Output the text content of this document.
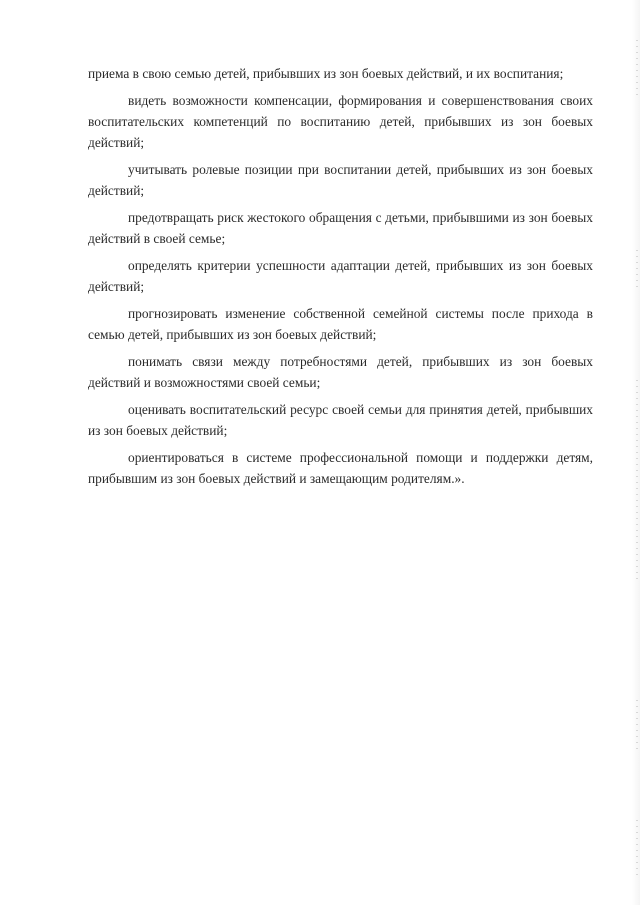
приема в свою семью детей, прибывших из зон боевых действий, и их воспитания;

видеть возможности компенсации, формирования и совершенствования своих воспитательских компетенций по воспитанию детей, прибывших из зон боевых действий;

учитывать ролевые позиции при воспитании детей, прибывших из зон боевых действий;

предотвращать риск жестокого обращения с детьми, прибывшими из зон боевых действий в своей семье;

определять критерии успешности адаптации детей, прибывших из зон боевых действий;

прогнозировать изменение собственной семейной системы после прихода в семью детей, прибывших из зон боевых действий;

понимать связи между потребностями детей, прибывших из зон боевых действий и возможностями своей семьи;

оценивать воспитательский ресурс своей семьи для принятия детей, прибывших из зон боевых действий;

ориентироваться в системе профессиональной помощи и поддержки детям, прибывшим из зон боевых действий и замещающим родителям.».
